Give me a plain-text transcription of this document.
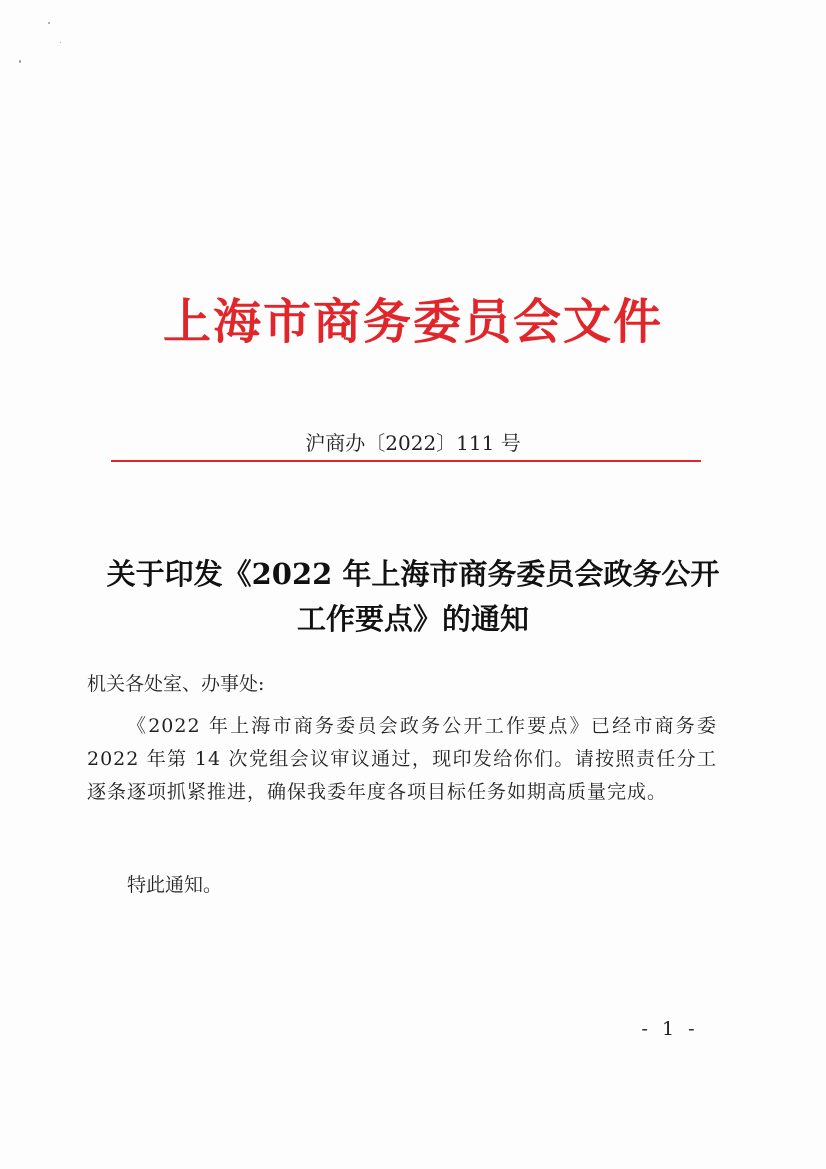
上海市商务委员会文件
沪商办〔2022〕111 号
关于印发《2022 年上海市商务委员会政务公开
工作要点》的通知
机关各处室、办事处:
《2022 年上海市商务委员会政务公开工作要点》已经市商务委 2022 年第 14 次党组会议审议通过，现印发给你们。请按照责任分工逐条逐项抓紧推进，确保我委年度各项目标任务如期高质量完成。
特此通知。
- 1 -
